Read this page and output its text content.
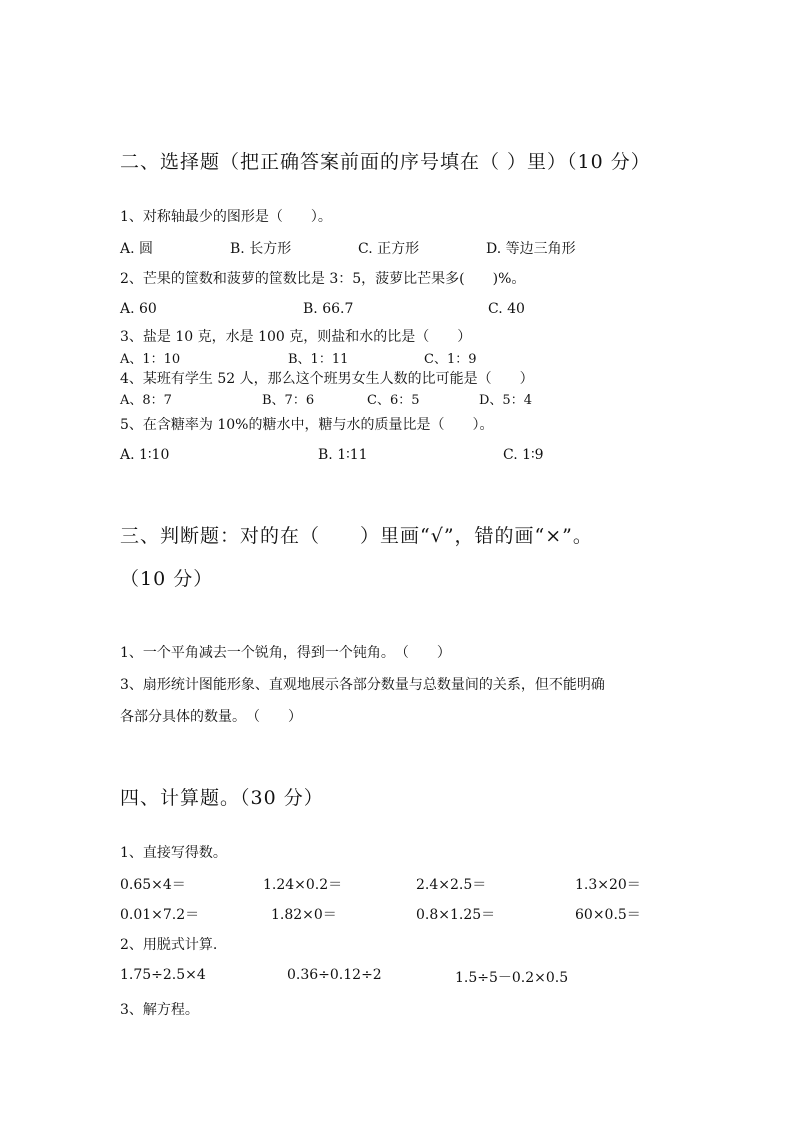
二、选择题（把正确答案前面的序号填在（ ）里）（10 分）
1、对称轴最少的图形是（　　）。
A. 圆	B. 长方形	C. 正方形	D. 等边三角形
2、芒果的筐数和菠萝的筐数比是 3：5，菠萝比芒果多(　　)%。
A. 60	B. 66.7	C. 40
3、盐是 10 克，水是 100 克，则盐和水的比是（　　）
A、1：10	B、1：11	C、1：9
4、某班有学生 52 人，那么这个班男女生人数的比可能是（　　）
A、8：7	B、7：6	C、6：5	D、5：4
5、在含糖率为 10%的糖水中，糖与水的质量比是（　　）。
A. 1∶10	B. 1∶11	C. 1∶9
三、判断题：对的在（　　）里画“√”，错的画“×”。
（10 分）
1、一个平角减去一个锐角，得到一个钝角。　（　　）
3、扇形统计图能形象、直观地展示各部分数量与总数量间的关系，但不能明确
各部分具体的数量。　（　　）
四、计算题。（30 分）
1、直接写得数。
0.65×4＝	1.24×0.2＝	2.4×2.5＝	1.3×20＝
0.01×7.2＝	1.82×0＝	0.8×1.25＝	60×0.5＝
2、用脱式计算.
1.75÷2.5×4	0.36÷0.12÷2	1.5÷5－0.2×0.5
3、解方程。
